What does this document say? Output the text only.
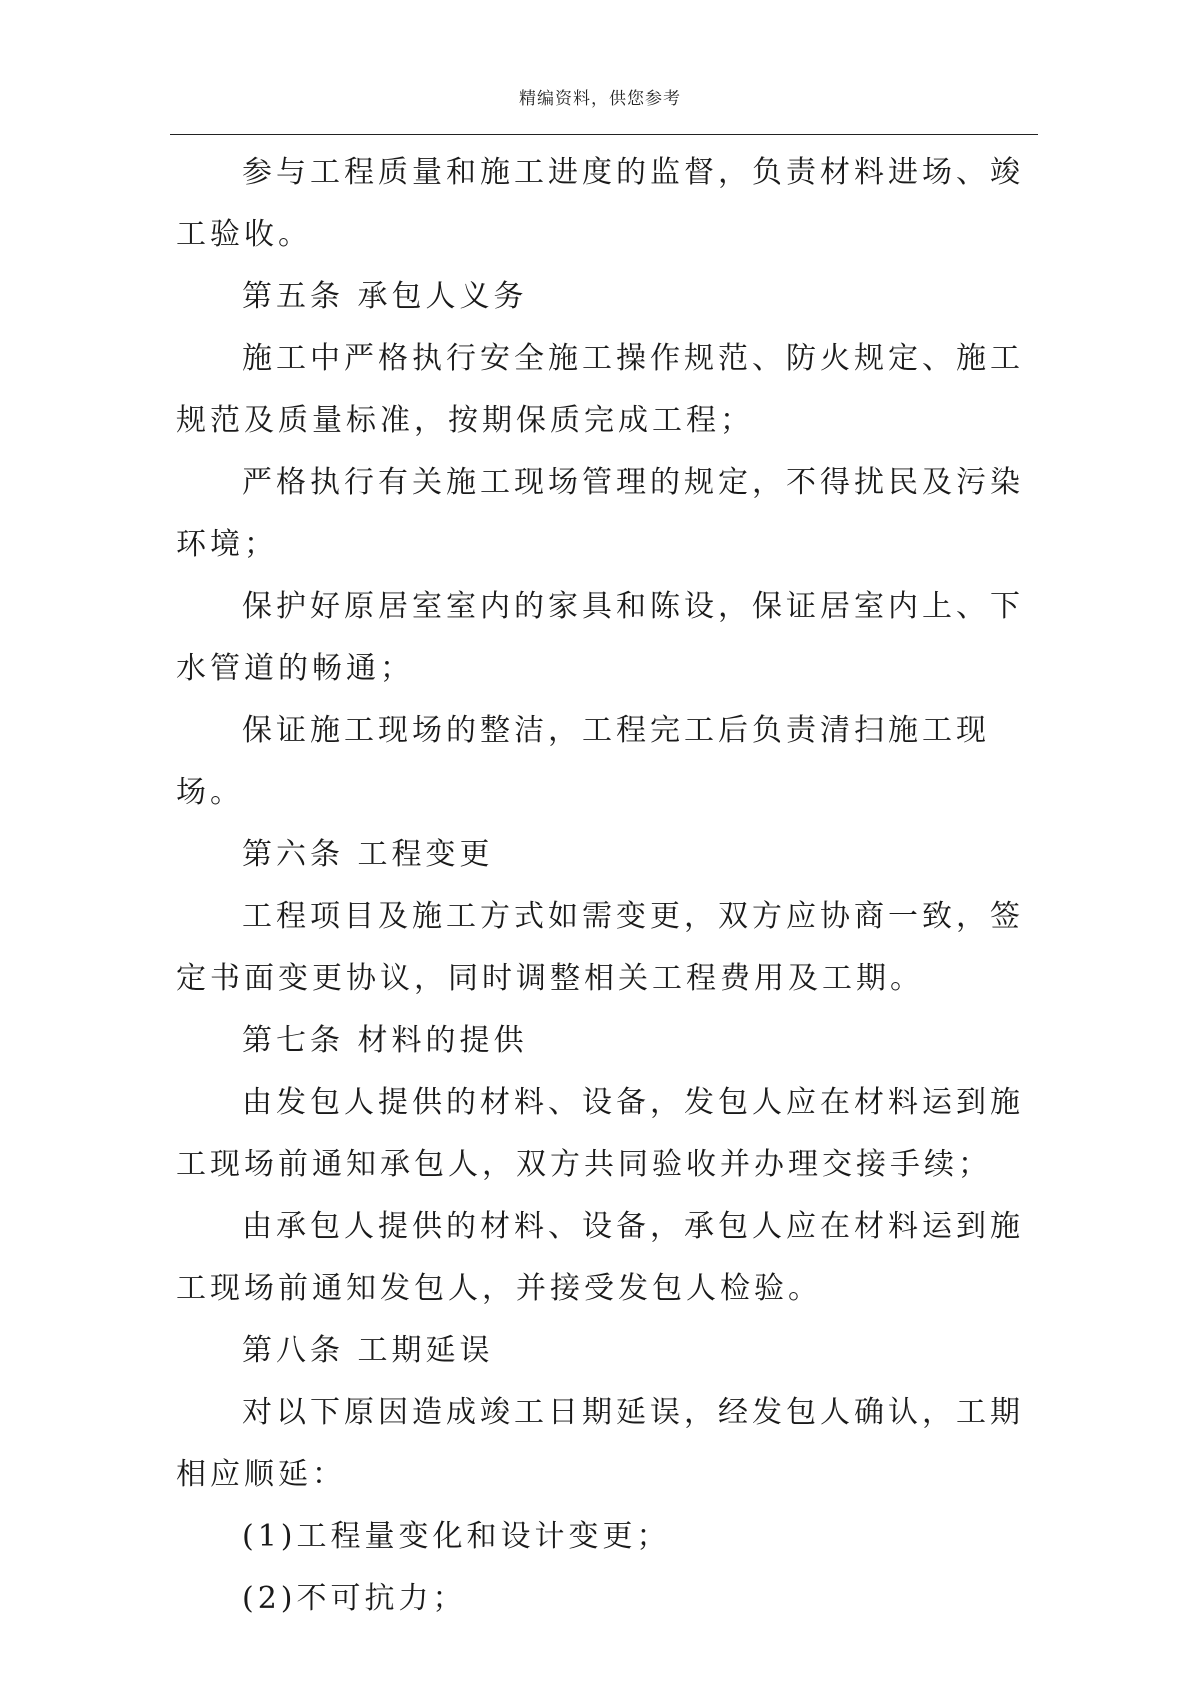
精编资料，供您参考

参与工程质量和施工进度的监督，负责材料进场、竣工验收。

第五条 承包人义务

施工中严格执行安全施工操作规范、防火规定、施工规范及质量标准，按期保质完成工程；

严格执行有关施工现场管理的规定，不得扰民及污染环境；

保护好原居室室内的家具和陈设，保证居室内上、下水管道的畅通；

保证施工现场的整洁，工程完工后负责清扫施工现场。

第六条 工程变更

工程项目及施工方式如需变更，双方应协商一致，签定书面变更协议，同时调整相关工程费用及工期。

第七条 材料的提供

由发包人提供的材料、设备，发包人应在材料运到施工现场前通知承包人，双方共同验收并办理交接手续；

由承包人提供的材料、设备，承包人应在材料运到施工现场前通知发包人，并接受发包人检验。

第八条 工期延误

对以下原因造成竣工日期延误，经发包人确认，工期相应顺延：

(1)工程量变化和设计变更；

(2)不可抗力；
